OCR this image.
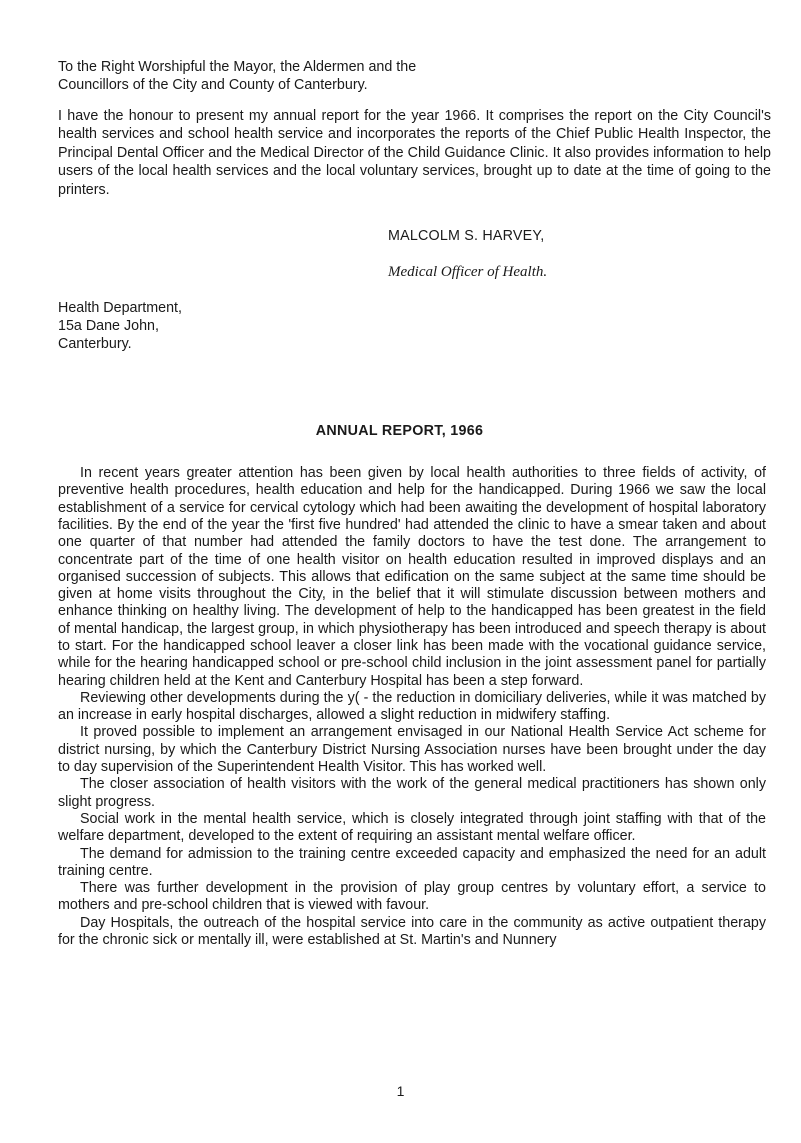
To the Right Worshipful the Mayor, the Aldermen and the
Councillors of the City and County of Canterbury.

I have the honour to present my annual report for the year 1966. It comprises the report on the City Council's health services and school health service and incorporates the reports of the Chief Public Health Inspector, the Principal Dental Officer and the Medical Director of the Child Guidance Clinic. It also provides information to help users of the local health services and the local voluntary services, brought up to date at the time of going to the printers.

MALCOLM S. HARVEY,
Medical Officer of Health.
Health Department,
15a Dane John,
Canterbury.
ANNUAL REPORT, 1966

In recent years greater attention has been given by local health authorities to three fields of activity, of preventive health procedures, health education and help for the handicapped. During 1966 we saw the local establishment of a service for cervical cytology which had been awaiting the development of hospital laboratory facilities. By the end of the year the 'first five hundred' had attended the clinic to have a smear taken and about one quarter of that number had attended the family doctors to have the test done. The arrangement to concentrate part of the time of one health visitor on health education resulted in improved displays and an organised succession of subjects. This allows that edification on the same subject at the same time should be given at home visits throughout the City, in the belief that it will stimulate discussion between mothers and enhance thinking on healthy living. The development of help to the handicapped has been greatest in the field of mental handicap, the largest group, in which physiotherapy has been introduced and speech therapy is about to start. For the handicapped school leaver a closer link has been made with the vocational guidance service, while for the hearing handicapped school or pre-school child inclusion in the joint assessment panel for partially hearing children held at the Kent and Canterbury Hospital has been a step forward.

Reviewing other developments during the y( - the reduction in domiciliary deliveries, while it was matched by an increase in early hospital discharges, allowed a slight reduction in midwifery staffing.

It proved possible to implement an arrangement envisaged in our National Health Service Act scheme for district nursing, by which the Canterbury District Nursing Association nurses have been brought under the day to day supervision of the Superintendent Health Visitor. This has worked well.

The closer association of health visitors with the work of the general medical practitioners has shown only slight progress.

Social work in the mental health service, which is closely integrated through joint staffing with that of the welfare department, developed to the extent of requiring an assistant mental welfare officer.

The demand for admission to the training centre exceeded capacity and emphasized the need for an adult training centre.

There was further development in the provision of play group centres by voluntary effort, a service to mothers and pre-school children that is viewed with favour.

Day Hospitals, the outreach of the hospital service into care in the community as active outpatient therapy for the chronic sick or mentally ill, were established at St. Martin's and Nunnery

1
